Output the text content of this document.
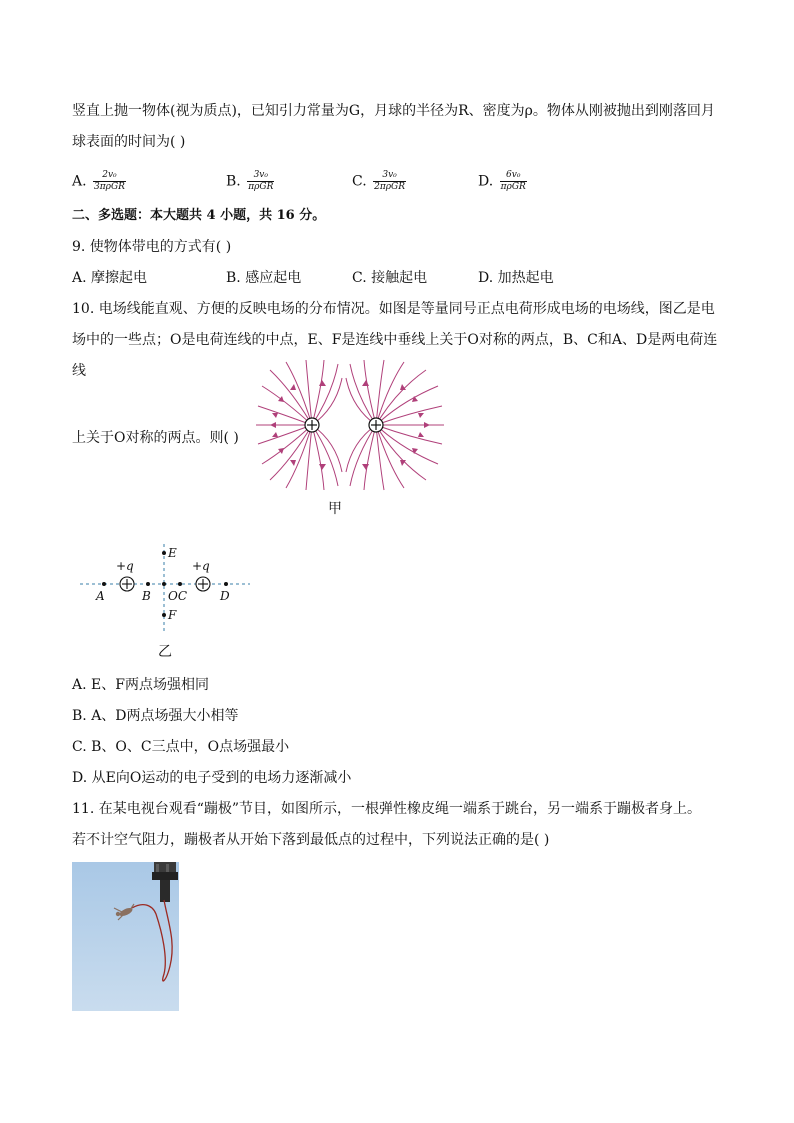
竖直上抛一物体(视为质点)，已知引力常量为G，月球的半径为R、密度为ρ。物体从刚被抛出到刚落回月
球表面的时间为( )
A. $\frac{\text{2v₀}}{\text{3πρGR}}$	B. $\frac{\text{3v₀}}{\text{πρGR}}$	C. $\frac{\text{3v₀}}{\text{2πρGR}}$	D. $\frac{\text{6v₀}}{\text{πρGR}}$
二、多选题：本大题共 4 小题，共 16 分。
9. 使物体带电的方式有( )
A. 摩擦起电	B. 感应起电	C. 接触起电	D. 加热起电
10. 电场线能直观、方便的反映电场的分布情况。如图是等量同号正点电荷形成电场的电场线，图乙是电
场中的一些点；O是电荷连线的中点，E、F是连线中垂线上关于O对称的两点，B、C和A、D是两电荷连线
上关于O对称的两点。则( )
甲
+q	+q
A	B OC	D
E
F
乙
A. E、F两点场强相同
B. A、D两点场强大小相等
C. B、O、C三点中，O点场强最小
D. 从E向O运动的电子受到的电场力逐渐减小
11. 在某电视台观看“蹦极”节目，如图所示，一根弹性橡皮绳一端系于跳台，另一端系于蹦极者身上。
若不计空气阻力，蹦极者从开始下落到最低点的过程中，下列说法正确的是( )
